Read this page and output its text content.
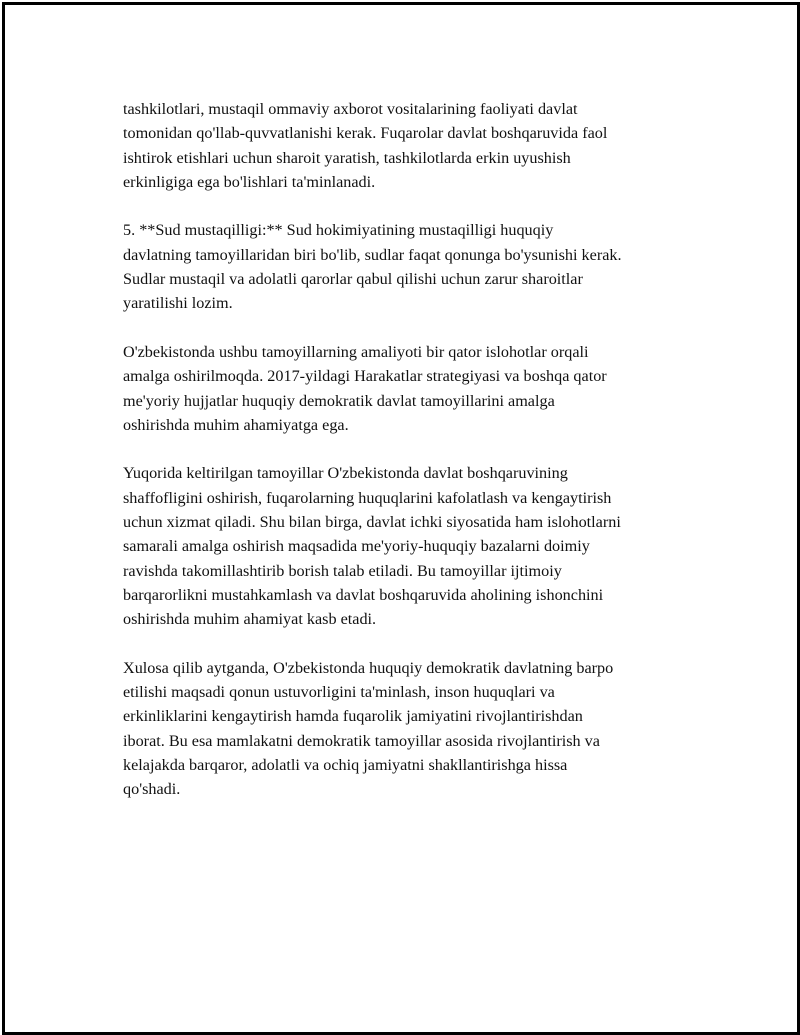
tashkilotlari, mustaqil ommaviy axborot vositalarining faoliyati davlat
tomonidan qo'llab-quvvatlanishi kerak. Fuqarolar davlat boshqaruvida faol
ishtirok etishlari uchun sharoit yaratish, tashkilotlarda erkin uyushish
erkinligiga ega bo'lishlari ta'minlanadi.

5. **Sud mustaqilligi:** Sud hokimiyatining mustaqilligi huquqiy
davlatning tamoyillaridan biri bo'lib, sudlar faqat qonunga bo'ysunishi kerak.
Sudlar mustaqil va adolatli qarorlar qabul qilishi uchun zarur sharoitlar
yaratilishi lozim.

O'zbekistonda ushbu tamoyillarning amaliyoti bir qator islohotlar orqali
amalga oshirilmoqda. 2017-yildagi Harakatlar strategiyasi va boshqa qator
me'yoriy hujjatlar huquqiy demokratik davlat tamoyillarini amalga
oshirishda muhim ahamiyatga ega.

Yuqorida keltirilgan tamoyillar O'zbekistonda davlat boshqaruvining
shaffofligini oshirish, fuqarolarning huquqlarini kafolatlash va kengaytirish
uchun xizmat qiladi. Shu bilan birga, davlat ichki siyosatida ham islohotlarni
samarali amalga oshirish maqsadida me'yoriy-huquqiy bazalarni doimiy
ravishda takomillashtirib borish talab etiladi. Bu tamoyillar ijtimoiy
barqarorlikni mustahkamlash va davlat boshqaruvida aholining ishonchini
oshirishda muhim ahamiyat kasb etadi.

Xulosa qilib aytganda, O'zbekistonda huquqiy demokratik davlatning barpo
etilishi maqsadi qonun ustuvorligini ta'minlash, inson huquqlari va
erkinliklarini kengaytirish hamda fuqarolik jamiyatini rivojlantirishdan
iborat. Bu esa mamlakatni demokratik tamoyillar asosida rivojlantirish va
kelajakda barqaror, adolatli va ochiq jamiyatni shakllantirishga hissa
qo'shadi.
